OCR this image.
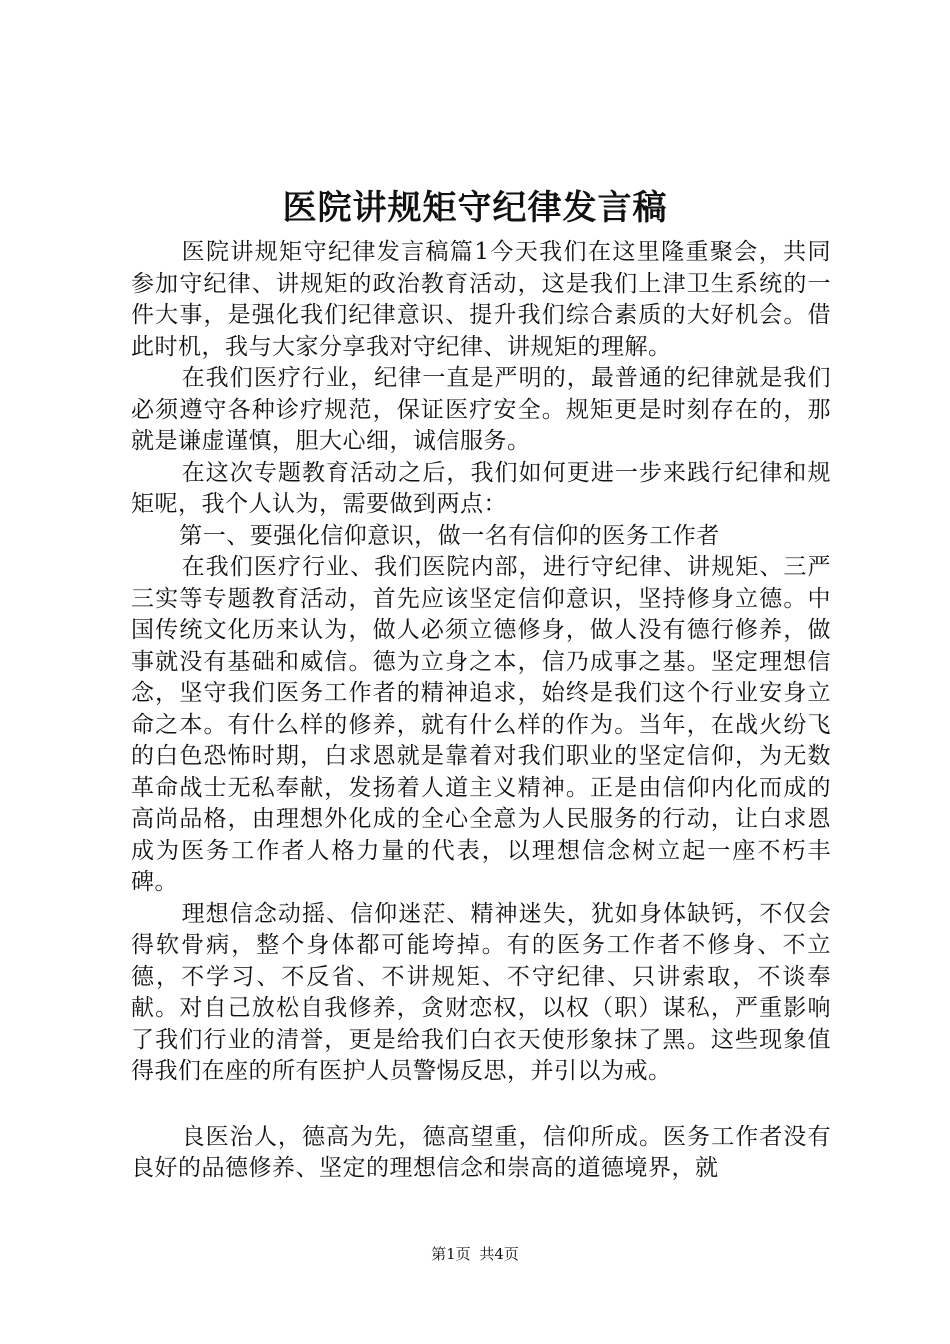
医院讲规矩守纪律发言稿

医院讲规矩守纪律发言稿篇1今天我们在这里隆重聚会，共同参加守纪律、讲规矩的政治教育活动，这是我们上津卫生系统的一件大事，是强化我们纪律意识、提升我们综合素质的大好机会。借此时机，我与大家分享我对守纪律、讲规矩的理解。

在我们医疗行业，纪律一直是严明的，最普通的纪律就是我们必须遵守各种诊疗规范，保证医疗安全。规矩更是时刻存在的，那就是谦虚谨慎，胆大心细，诚信服务。

在这次专题教育活动之后，我们如何更进一步来践行纪律和规矩呢，我个人认为，需要做到两点：

第一、要强化信仰意识，做一名有信仰的医务工作者

在我们医疗行业、我们医院内部，进行守纪律、讲规矩、三严三实等专题教育活动，首先应该坚定信仰意识，坚持修身立德。中国传统文化历来认为，做人必须立德修身，做人没有德行修养，做事就没有基础和威信。德为立身之本，信乃成事之基。坚定理想信念，坚守我们医务工作者的精神追求，始终是我们这个行业安身立命之本。有什么样的修养，就有什么样的作为。当年，在战火纷飞的白色恐怖时期，白求恩就是靠着对我们职业的坚定信仰，为无数革命战士无私奉献，发扬着人道主义精神。正是由信仰内化而成的高尚品格，由理想外化成的全心全意为人民服务的行动，让白求恩成为医务工作者人格力量的代表，以理想信念树立起一座不朽丰碑。

理想信念动摇、信仰迷茫、精神迷失，犹如身体缺钙，不仅会得软骨病，整个身体都可能垮掉。有的医务工作者不修身、不立德，不学习、不反省、不讲规矩、不守纪律、只讲索取，不谈奉献。对自己放松自我修养，贪财恋权，以权（职）谋私，严重影响了我们行业的清誉，更是给我们白衣天使形象抹了黑。这些现象值得我们在座的所有医护人员警惕反思，并引以为戒。

良医治人，德高为先，德高望重，信仰所成。医务工作者没有良好的品德修养、坚定的理想信念和崇高的道德境界，就

第1页 共4页
